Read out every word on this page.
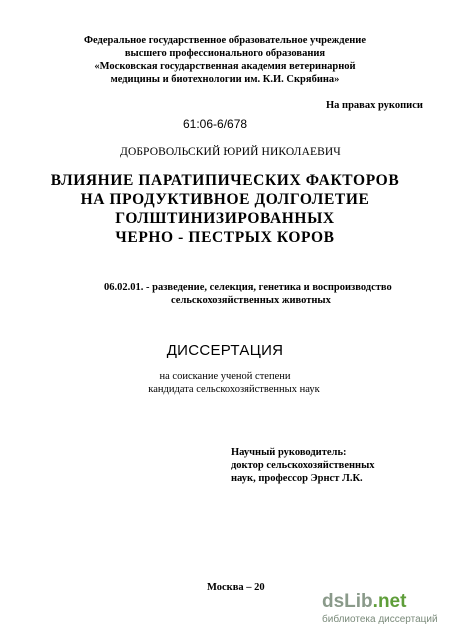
Федеральное государственное образовательное учреждение
высшего профессионального образования
«Московская государственная академия ветеринарной
медицины и биотехнологии им. К.И. Скрябина»
На правах рукописи
61:06-6/678
ДОБРОВОЛЬСКИЙ ЮРИЙ НИКОЛАЕВИЧ
ВЛИЯНИЕ ПАРАТИПИЧЕСКИХ ФАКТОРОВ
НА ПРОДУКТИВНОЕ ДОЛГОЛЕТИЕ
ГОЛШТИНИЗИРОВАННЫХ
ЧЕРНО - ПЕСТРЫХ КОРОВ
06.02.01. - разведение, селекция, генетика и воспроизводство
сельскохозяйственных животных
ДИССЕРТАЦИЯ
на соискание ученой степени
кандидата сельскохозяйственных наук
Научный руководитель:
доктор сельскохозяйственных
наук, профессор Эрнст Л.К.
Москва – 20
dsLib.net
библиотека диссертаций
